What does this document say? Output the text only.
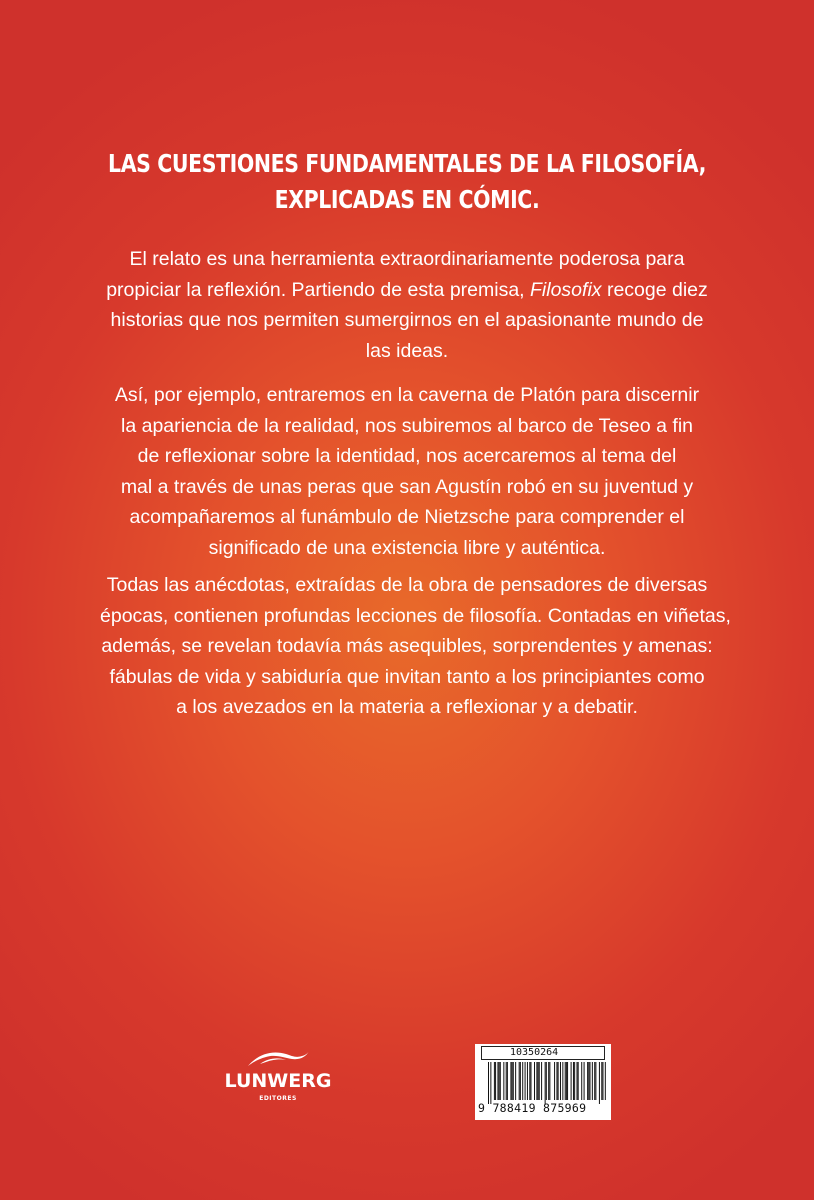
LAS CUESTIONES FUNDAMENTALES DE LA FILOSOFÍA,
EXPLICADAS EN CÓMIC.
El relato es una herramienta extraordinariamente poderosa para
propiciar la reflexión. Partiendo de esta premisa, Filosofix recoge diez
historias que nos permiten sumergirnos en el apasionante mundo de
las ideas.
Así, por ejemplo, entraremos en la caverna de Platón para discernir
la apariencia de la realidad, nos subiremos al barco de Teseo a fin
de reflexionar sobre la identidad, nos acercaremos al tema del
mal a través de unas peras que san Agustín robó en su juventud y
acompañaremos al funámbulo de Nietzsche para comprender el
significado de una existencia libre y auténtica.
Todas las anécdotas, extraídas de la obra de pensadores de diversas
épocas, contienen profundas lecciones de filosofía. Contadas en viñetas,
además, se revelan todavía más asequibles, sorprendentes y amenas:
fábulas de vida y sabiduría que invitan tanto a los principiantes como
a los avezados en la materia a reflexionar y a debatir.
LUNWERG
EDITORES
10350264
9 788419 875969
